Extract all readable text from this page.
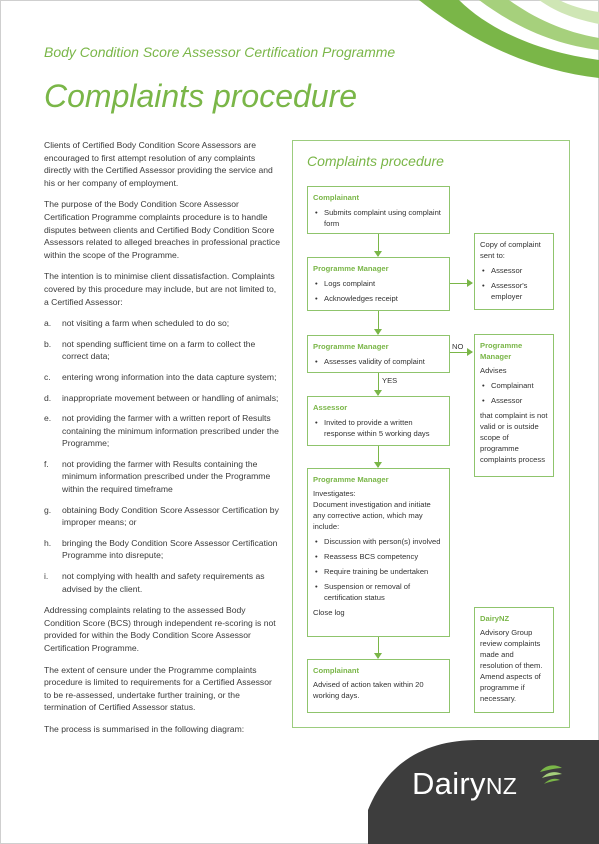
Body Condition Score Assessor Certification Programme
Complaints procedure

Clients of Certified Body Condition Score Assessors are encouraged to first attempt resolution of any complaints directly with the Certified Assessor providing the service and his or her company of employment.

The purpose of the Body Condition Score Assessor Certification Programme complaints procedure is to handle disputes between clients and Certified Body Condition Score Assessors related to alleged breaches in professional practice within the scope of the Programme.

The intention is to minimise client dissatisfaction. Complaints covered by this procedure may include, but are not limited to, a Certified Assessor:

a. not visiting a farm when scheduled to do so;
b. not spending sufficient time on a farm to collect the correct data;
c. entering wrong information into the data capture system;
d. inappropriate movement between or handling of animals;
e. not providing the farmer with a written report of Results containing the minimum information prescribed under the Programme;
f. not providing the farmer with Results containing the minimum information prescribed under the Programme within the required timeframe
g. obtaining Body Condition Score Assessor Certification by improper means; or
h. bringing the Body Condition Score Assessor Certification Programme into disrepute;
i. not complying with health and safety requirements as advised by the client.

Addressing complaints relating to the assessed Body Condition Score (BCS) through independent re-scoring is not provided for within the Body Condition Score Assessor Certification Programme.

The extent of censure under the Programme complaints procedure is limited to requirements for a Certified Assessor to be re-assessed, undertake further training, or the termination of Certified Assessor status.

The process is summarised in the following diagram:

Complaints procedure
Complainant
• Submits complaint using complaint form
Programme Manager
• Logs complaint
• Acknowledges receipt
Copy of complaint sent to:
• Assessor
• Assessor's employer
Programme Manager
• Assesses validity of complaint
NO Programme Manager
Advises
• Complainant
• Assessor
that complaint is not valid or is outside scope of programme complaints process
YES
Assessor
• Invited to provide a written response within 5 working days
Programme Manager
Investigates:
Document investigation and initiate any corrective action, which may include:
• Discussion with person(s) involved
• Reassess BCS competency
• Require training be undertaken
• Suspension or removal of certification status
Close log
DairyNZ
Advisory Group review complaints made and resolution of them. Amend aspects of programme if necessary.
Complainant
Advised of action taken within 20 working days.
DairyNZ
